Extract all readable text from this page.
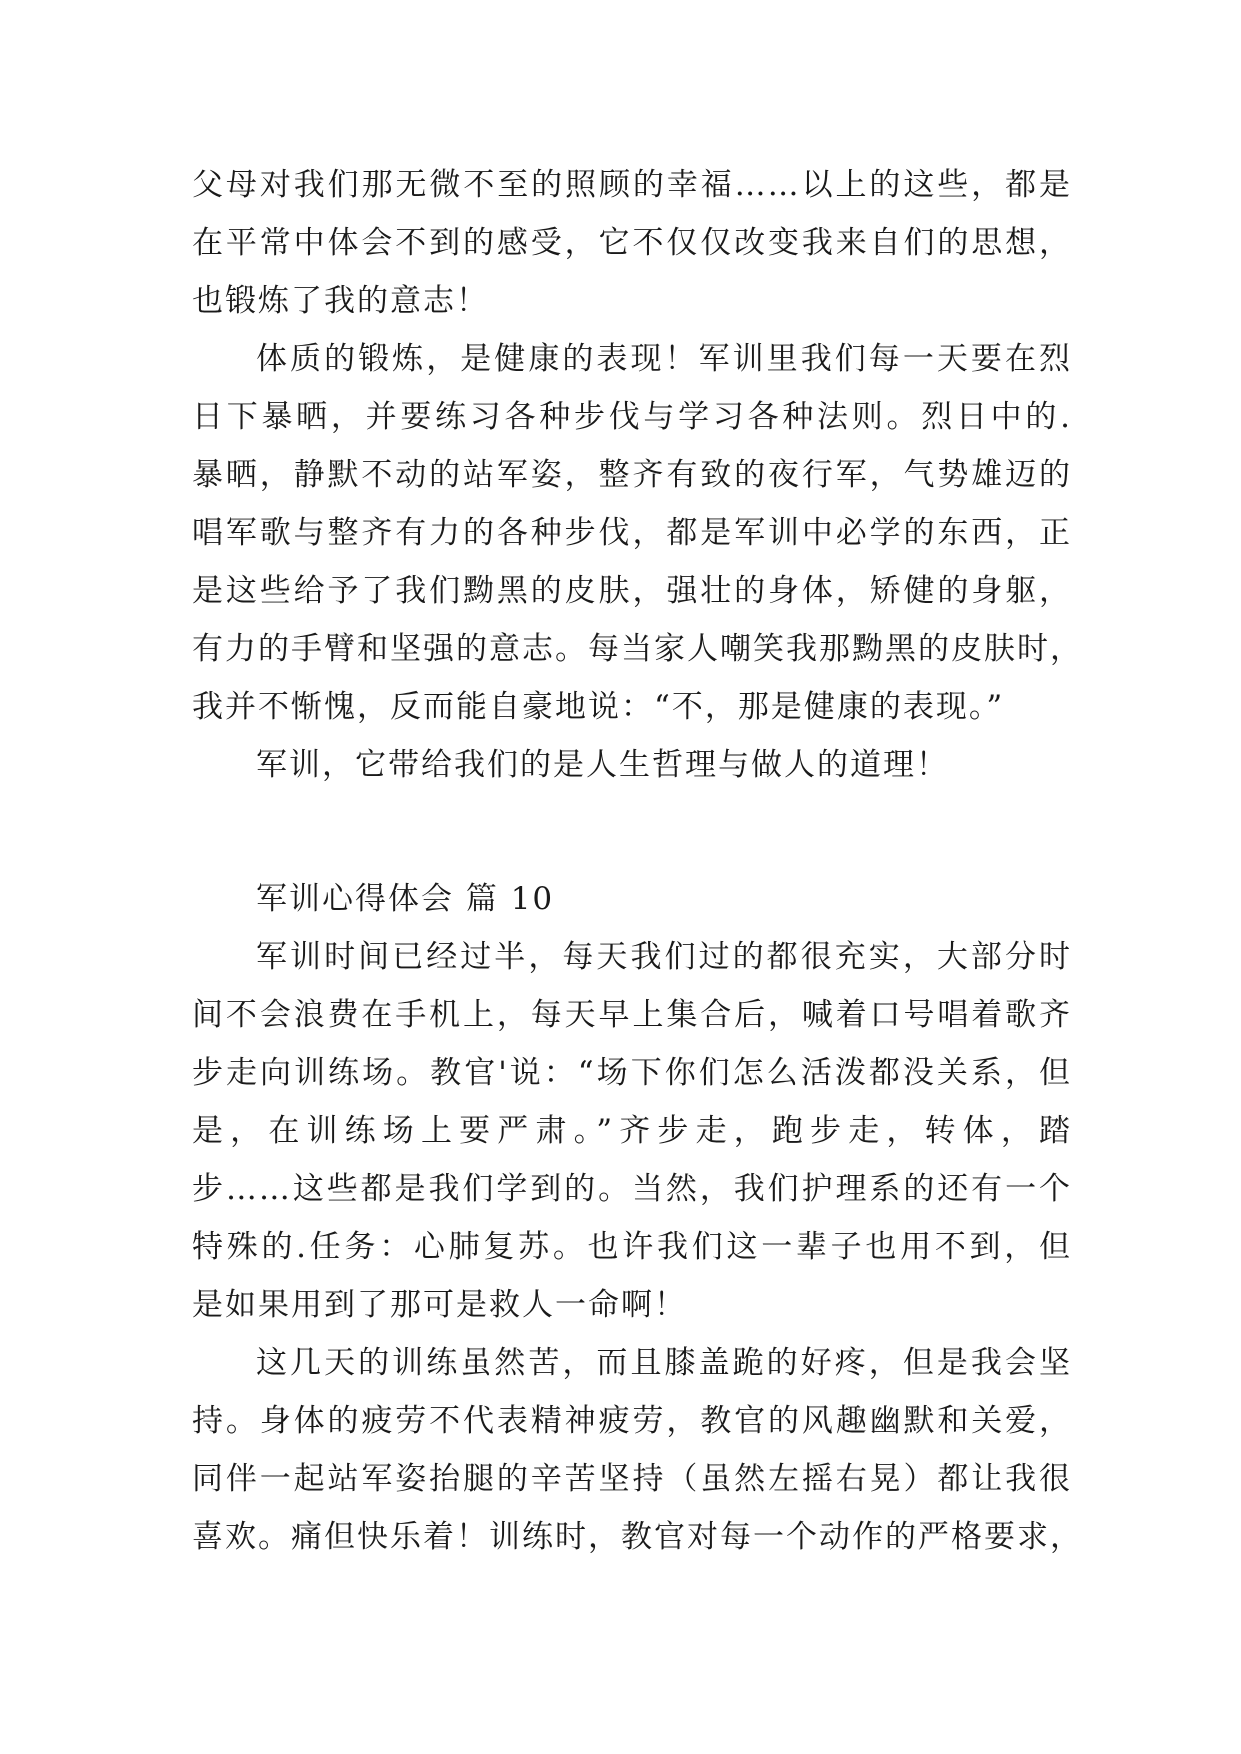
父母对我们那无微不至的照顾的幸福……以上的这些，都是
在平常中体会不到的感受，它不仅仅改变我来自们的思想，
也锻炼了我的意志！
体质的锻炼，是健康的表现！军训里我们每一天要在烈
日下暴晒，并要练习各种步伐与学习各种法则。烈日中的.
暴晒，静默不动的站军姿，整齐有致的夜行军，气势雄迈的
唱军歌与整齐有力的各种步伐，都是军训中必学的东西，正
是这些给予了我们黝黑的皮肤，强壮的身体，矫健的身躯，
有力的手臂和坚强的意志。每当家人嘲笑我那黝黑的皮肤时，
我并不惭愧，反而能自豪地说：“不，那是健康的表现。”
军训，它带给我们的是人生哲理与做人的道理！
军训心得体会 篇 10
军训时间已经过半，每天我们过的都很充实，大部分时
间不会浪费在手机上，每天早上集合后，喊着口号唱着歌齐
步走向训练场。教官'说：“场下你们怎么活泼都没关系，但
是，在训练场上要严肃。”齐步走，跑步走，转体，踏
步……这些都是我们学到的。当然，我们护理系的还有一个
特殊的.任务：心肺复苏。也许我们这一辈子也用不到，但
是如果用到了那可是救人一命啊！
这几天的训练虽然苦，而且膝盖跪的好疼，但是我会坚
持。身体的疲劳不代表精神疲劳，教官的风趣幽默和关爱，
同伴一起站军姿抬腿的辛苦坚持（虽然左摇右晃）都让我很
喜欢。痛但快乐着！训练时，教官对每一个动作的严格要求，
